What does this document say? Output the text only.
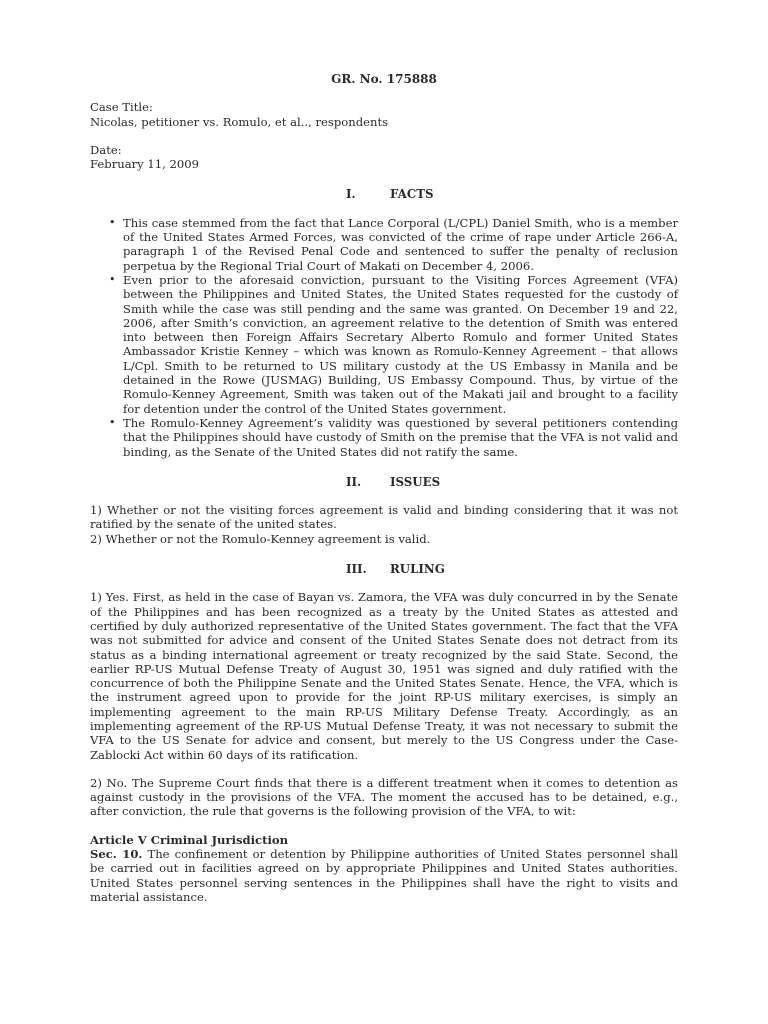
GR. No. 175888
Case Title:
Nicolas, petitioner vs. Romulo, et al.., respondents
Date:
February 11, 2009
I.	FACTS
• This case stemmed from the fact that Lance Corporal (L/CPL) Daniel Smith, who is a member of the United States Armed Forces, was convicted of the crime of rape under Article 266-A, paragraph 1 of the Revised Penal Code and sentenced to suffer the penalty of reclusion perpetua by the Regional Trial Court of Makati on December 4, 2006.
• Even prior to the aforesaid conviction, pursuant to the Visiting Forces Agreement (VFA) between the Philippines and United States, the United States requested for the custody of Smith while the case was still pending and the same was granted. On December 19 and 22, 2006, after Smith’s conviction, an agreement relative to the detention of Smith was entered into between then Foreign Affairs Secretary Alberto Romulo and former United States Ambassador Kristie Kenney – which was known as Romulo-Kenney Agreement – that allows L/Cpl. Smith to be returned to US military custody at the US Embassy in Manila and be detained in the Rowe (JUSMAG) Building, US Embassy Compound. Thus, by virtue of the Romulo-Kenney Agreement, Smith was taken out of the Makati jail and brought to a facility for detention under the control of the United States government.
• The Romulo-Kenney Agreement’s validity was questioned by several petitioners contending that the Philippines should have custody of Smith on the premise that the VFA is not valid and binding, as the Senate of the United States did not ratify the same.
II. ISSUES

1) Whether or not the visiting forces agreement is valid and binding considering that it was not ratified by the senate of the united states.

2) Whether or not the Romulo-Kenney agreement is valid.

III. RULING

1) Yes. First, as held in the case of Bayan vs. Zamora, the VFA was duly concurred in by the Senate of the Philippines and has been recognized as a treaty by the United States as attested and certified by duly authorized representative of the United States government. The fact that the VFA was not submitted for advice and consent of the United States Senate does not detract from its status as a binding international agreement or treaty recognized by the said State. Second, the earlier RP-US Mutual Defense Treaty of August 30, 1951 was signed and duly ratified with the concurrence of both the Philippine Senate and the United States Senate. Hence, the VFA, which is the instrument agreed upon to provide for the joint RP-US military exercises, is simply an implementing agreement to the main RP-US Military Defense Treaty. Accordingly, as an implementing agreement of the RP-US Mutual Defense Treaty, it was not necessary to submit the VFA to the US Senate for advice and consent, but merely to the US Congress under the Case-Zablocki Act within 60 days of its ratification.

2) No. The Supreme Court finds that there is a different treatment when it comes to detention as against custody in the provisions of the VFA. The moment the accused has to be detained, e.g., after conviction, the rule that governs is the following provision of the VFA, to wit:

Article V Criminal Jurisdiction

Sec. 10. The confinement or detention by Philippine authorities of United States personnel shall be carried out in facilities agreed on by appropriate Philippines and United States authorities. United States personnel serving sentences in the Philippines shall have the right to visits and material assistance.
